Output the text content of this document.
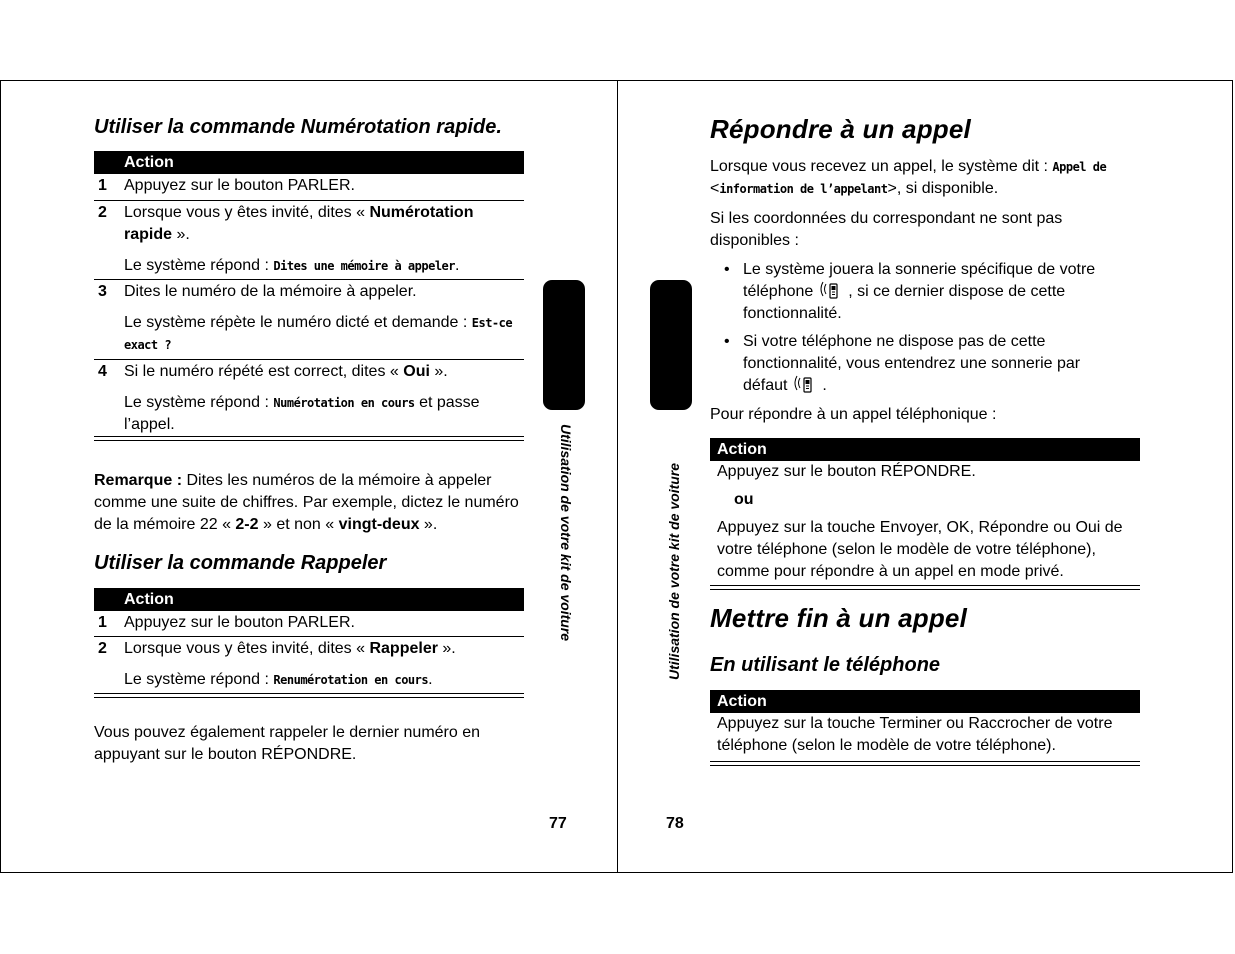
Utiliser la commande Numérotation rapide.
Action
1 Appuyez sur le bouton PARLER.

2 Lorsque vous y êtes invité, dites « Numérotation rapide ».

Le système répond : Dites une mémoire à appeler.

3 Dites le numéro de la mémoire à appeler.

Le système répète le numéro dicté et demande : Est-ce exact ?

4 Si le numéro répété est correct, dites « Oui ».

Le système répond : Numérotation en cours et passe l’appel.

Remarque : Dites les numéros de la mémoire à appeler comme une suite de chiffres. Par exemple, dictez le numéro de la mémoire 22 « 2-2 » et non « vingt-deux ».

Utiliser la commande Rappeler
Action
1 Appuyez sur le bouton PARLER.

2 Lorsque vous y êtes invité, dites « Rappeler ».

Le système répond : Renumérotation en cours.

Vous pouvez également rappeler le dernier numéro en appuyant sur le bouton RÉPONDRE.

Utilisation de votre kit de voiture
77
Répondre à un appel

Lorsque vous recevez un appel, le système dit : Appel de
<information de l’appelant>, si disponible.

Si les coordonnées du correspondant ne sont pas disponibles :

• Le système jouera la sonnerie spécifique de votre téléphone  , si ce dernier dispose de cette fonctionnalité.
• Si votre téléphone ne dispose pas de cette fonctionnalité, vous entendrez une sonnerie par défaut  .

Pour répondre à un appel téléphonique :

Action
Appuyez sur le bouton RÉPONDRE.
ou
Appuyez sur la touche Envoyer, OK, Répondre ou Oui de votre téléphone (selon le modèle de votre téléphone), comme pour répondre à un appel en mode privé.
Mettre fin à un appel
En utilisant le téléphone
Action
Appuyez sur la touche Terminer ou Raccrocher de votre téléphone (selon le modèle de votre téléphone).
Utilisation de votre kit de voiture
78
